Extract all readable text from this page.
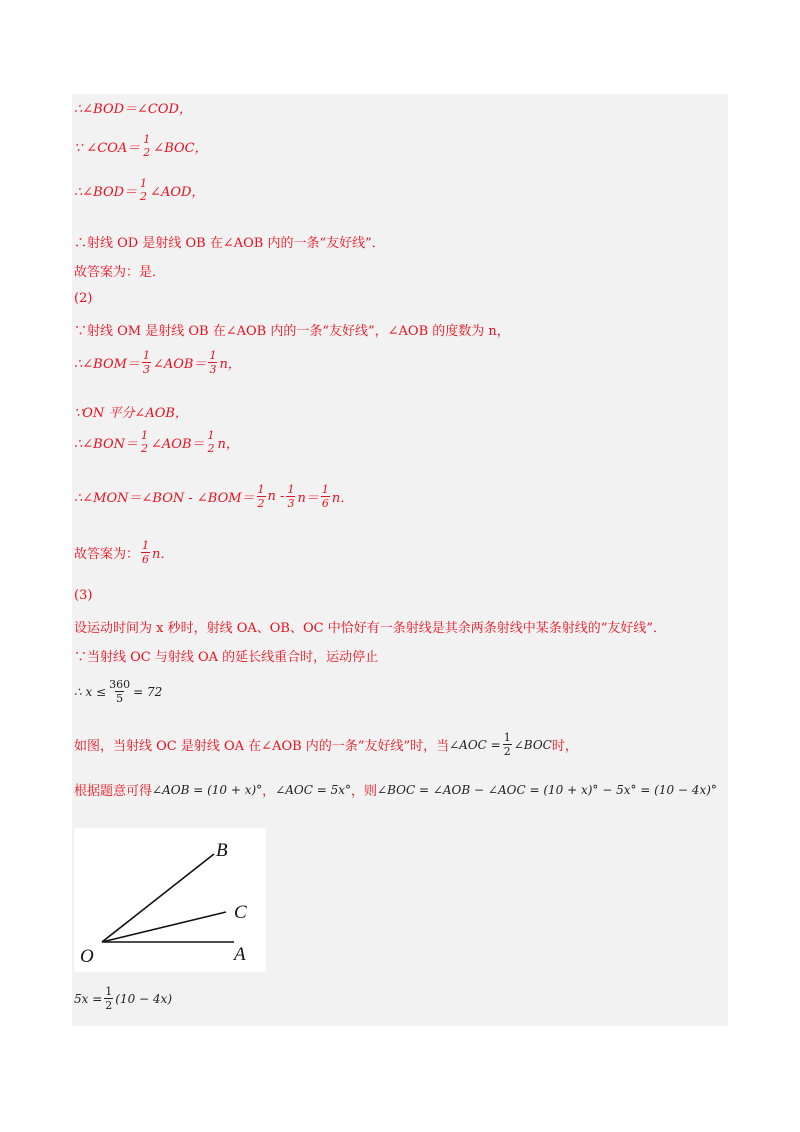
∴∠BOD＝∠COD，
∵ ∠COA＝
1
2 ∠BOC，
∴∠BOD＝
1
2 ∠AOD，
∴射线 OD 是射线 OB 在∠AOB 内的一条“友好线”．
故答案为：是．
(2)
∵射线 OM 是射线 OB 在∠AOB 内的一条“友好线”，∠AOB 的度数为 n，
∴∠BOM＝ $\frac{1}{3}$ ∠AOB＝ $\frac{1}{3}$ n，
∵ON 平分∠AOB，
∴∠BON＝
1
2 ∠AOB＝
1
2 n，
∴∠MON＝∠BON - ∠BOM＝ $\frac{1}{2}$ $n - \frac{1}{3} n= \frac{1}{6}$ n．
故答案为： $\frac{1}{6}$ n．
(3)
设运动时间为 x 秒时，射线 OA、OB、OC 中恰好有一条射线是其余两条射线中某条射线的“友好线”．
∵当射线 OC 与射线 OA 的延长线重合时，运动停止
∴ $x \le \frac{360}{5} = 72$
如图，当射线 OC 是射线 OA 在∠AOB 内的一条“友好线”时，当 ∠AOC = $\frac{1}{2}$ ∠BOC 时，
根据题意可得 ∠AOB = (10 + x)° ， ∠AOC = 5x° ，则 ∠BOC = ∠AOB − ∠AOC = (10 + x)° − 5x° = (10 − 4x)°
B
C
O	A
$5x = \frac{1}{2} (10 - 4x)$
